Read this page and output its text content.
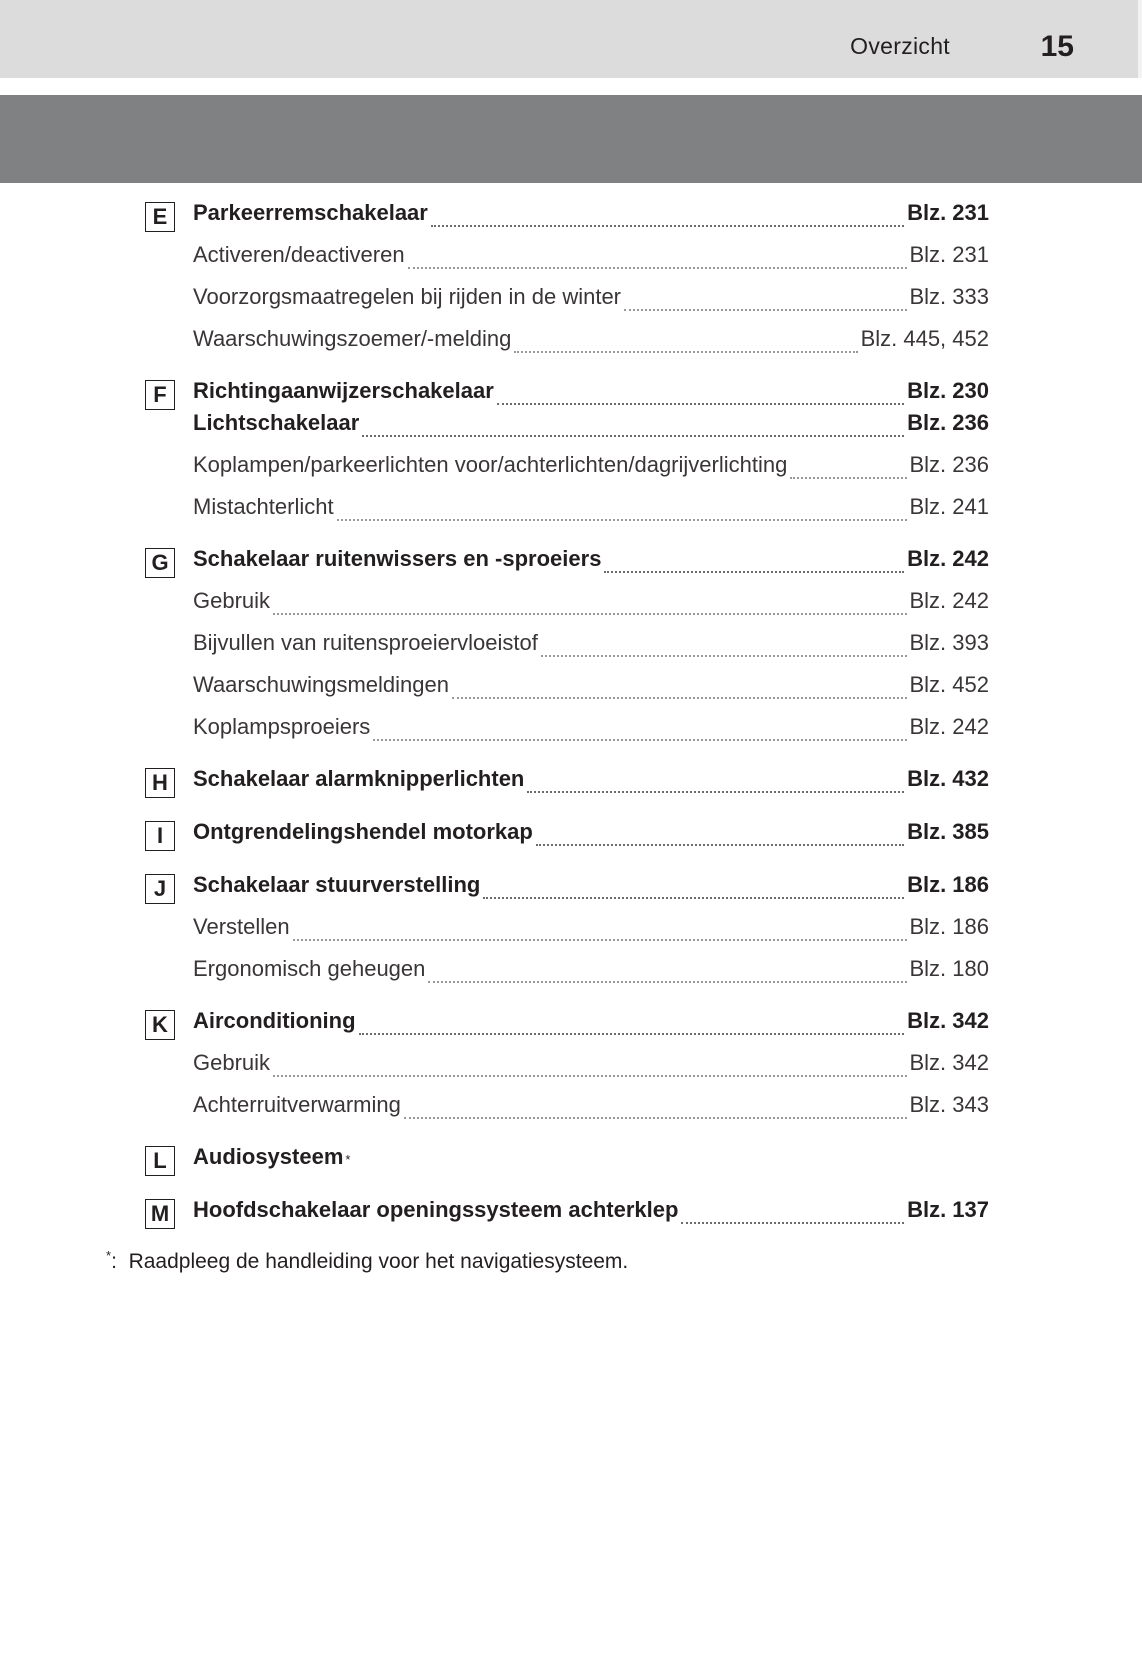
Overzicht	15
E	Parkeerremschakelaar	Blz. 231
Activeren/deactiveren	Blz. 231
Voorzorgsmaatregelen bij rijden in de winter	Blz. 333
Waarschuwingszoemer/-melding	Blz. 445, 452
F	Richtingaanwijzerschakelaar	Blz. 230
Lichtschakelaar	Blz. 236
Koplampen/parkeerlichten voor/achterlichten/dagrijverlichting	Blz. 236
Mistachterlicht	Blz. 241
G Schakelaar ruitenwissers en -sproeiers	Blz. 242
Gebruik	Blz. 242
Bijvullen van ruitensproeiervloeistof	Blz. 393
Waarschuwingsmeldingen	Blz. 452
Koplampsproeiers	Blz. 242
H	Schakelaar alarmknipperlichten	Blz. 432
I	Ontgrendelingshendel motorkap	Blz. 385
J	Schakelaar stuurverstelling	Blz. 186
Verstellen	Blz. 186
Ergonomisch geheugen	Blz. 180
K	Airconditioning	Blz. 342
Gebruik	Blz. 342
Achterruitverwarming	Blz. 343
L	Audiosysteem *
M Hoofdschakelaar openingssysteem achterklep	Blz. 137
*: Raadpleeg de handleiding voor het navigatiesysteem.
